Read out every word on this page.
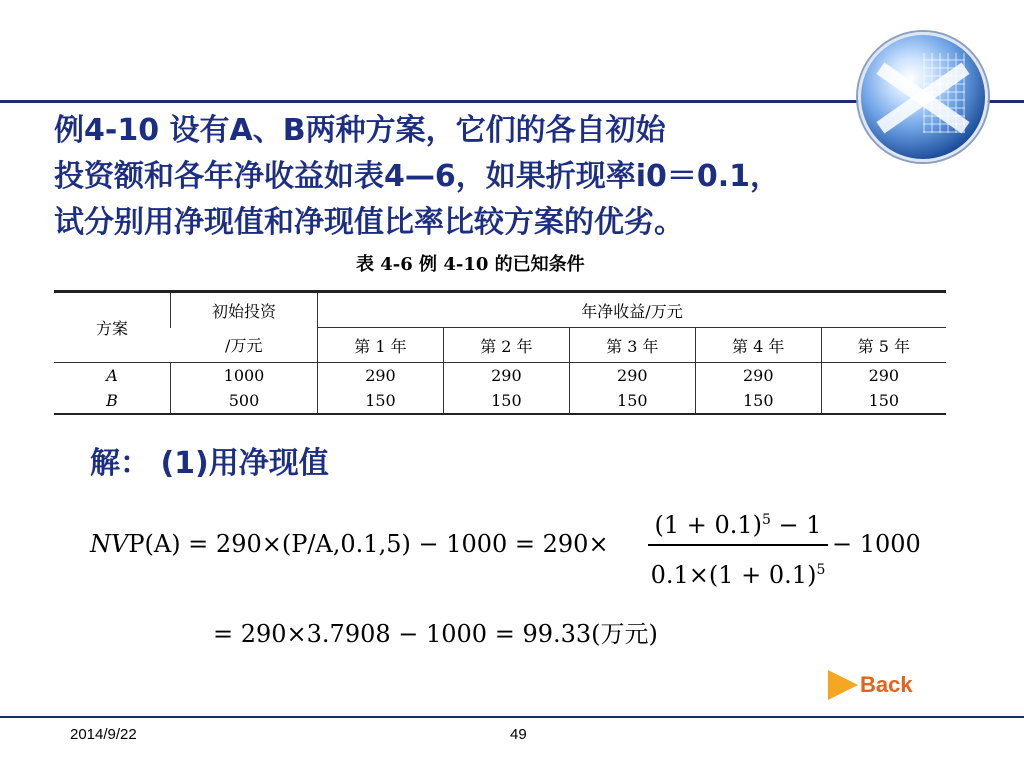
例4-10 设有A、B两种方案，它们的各自初始
投资额和各年净收益如表4—6，如果折现率i0＝0.1，
试分别用净现值和净现值比率比较方案的优劣。
表 4-6 例 4-10 的已知条件
方案	初始投资	年净收益/万元				
	/万元	第 1 年	第 2 年	第 3 年	第 4 年	第 5 年
A	1000	290	290	290	290	290
B	500	150	150	150	150	150
解： (1)用净现值
NVP(A) = 290×(P/A,0.1,5) − 1000 = 290×
$(1 + 0.1)^5 - 1$
$0.1\times(1 + 0.1)^5$
− 1000
= 290×3.7908 − 1000 = 99.33(万元)
Back
2014/9/22	49
